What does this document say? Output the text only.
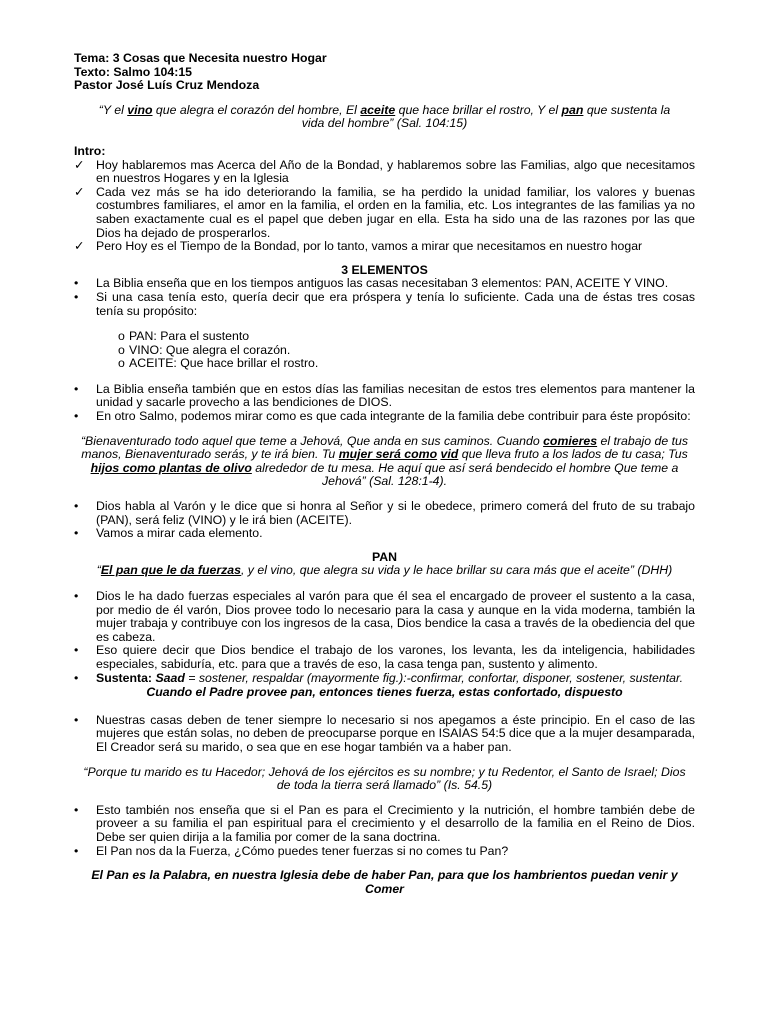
Tema: 3 Cosas que Necesita nuestro Hogar
Texto: Salmo 104:15
Pastor José Luís Cruz Mendoza
“Y el vino que alegra el corazón del hombre, El aceite que hace brillar el rostro, Y el pan que sustenta la vida del hombre” (Sal. 104:15)
Intro:
✓ Hoy hablaremos mas Acerca del Año de la Bondad, y hablaremos sobre las Familias, algo que necesitamos en nuestros Hogares y en la Iglesia
✓ Cada vez más se ha ido deteriorando la familia, se ha perdido la unidad familiar, los valores y buenas costumbres familiares, el amor en la familia, el orden en la familia, etc. Los integrantes de las familias ya no saben exactamente cual es el papel que deben jugar en ella. Esta ha sido una de las razones por las que Dios ha dejado de prosperarlos.
✓ Pero Hoy es el Tiempo de la Bondad, por lo tanto, vamos a mirar que necesitamos en nuestro hogar
3 ELEMENTOS
•	La Biblia enseña que en los tiempos antiguos las casas necesitaban 3 elementos: PAN, ACEITE Y VINO.
•	Si una casa tenía esto, quería decir que era próspera y tenía lo suficiente. Cada una de éstas tres cosas tenía su propósito:
o PAN: Para el sustento
o VINO: Que alegra el corazón.
o ACEITE: Que hace brillar el rostro.
•	La Biblia enseña también que en estos días las familias necesitan de estos tres elementos para mantener la unidad y sacarle provecho a las bendiciones de DIOS.
•	En otro Salmo, podemos mirar como es que cada integrante de la familia debe contribuir para éste propósito:
“Bienaventurado todo aquel que teme a Jehová, Que anda en sus caminos. Cuando comieres el trabajo de tus manos, Bienaventurado serás, y te irá bien. Tu mujer será como vid que lleva fruto a los lados de tu casa; Tus hijos como plantas de olivo alrededor de tu mesa. He aquí que así será bendecido el hombre Que teme a Jehová” (Sal. 128:1-4).
•	Dios habla al Varón y le dice que si honra al Señor y si le obedece, primero comerá del fruto de su trabajo (PAN), será feliz (VINO) y le irá bien (ACEITE).
•	Vamos a mirar cada elemento.
PAN
“El pan que le da fuerzas, y el vino, que alegra su vida y le hace brillar su cara más que el aceite” (DHH)
•	Dios le ha dado fuerzas especiales al varón para que él sea el encargado de proveer el sustento a la casa, por medio de él varón, Dios provee todo lo necesario para la casa y aunque en la vida moderna, también la mujer trabaja y contribuye con los ingresos de la casa, Dios bendice la casa a través de la obediencia del que es cabeza.
•	Eso quiere decir que Dios bendice el trabajo de los varones, los levanta, les da inteligencia, habilidades especiales, sabiduría, etc. para que a través de eso, la casa tenga pan, sustento y alimento.
•	Sustenta: Saad = sostener, respaldar (mayormente fig.):-confirmar, confortar, disponer, sostener, sustentar.
Cuando el Padre provee pan, entonces tienes fuerza, estas confortado, dispuesto
•	Nuestras casas deben de tener siempre lo necesario si nos apegamos a éste principio. En el caso de las mujeres que están solas, no deben de preocuparse porque en ISAIAS 54:5 dice que a la mujer desamparada, El Creador será su marido, o sea que en ese hogar también va a haber pan.
“Porque tu marido es tu Hacedor; Jehová de los ejércitos es su nombre; y tu Redentor, el Santo de Israel; Dios de toda la tierra será llamado” (Is. 54.5)
•	Esto también nos enseña que si el Pan es para el Crecimiento y la nutrición, el hombre también debe de proveer a su familia el pan espiritual para el crecimiento y el desarrollo de la familia en el Reino de Dios. Debe ser quien dirija a la familia por comer de la sana doctrina.
•	El Pan nos da la Fuerza, ¿Cómo puedes tener fuerzas si no comes tu Pan?
El Pan es la Palabra, en nuestra Iglesia debe de haber Pan, para que los hambrientos puedan venir y Comer
